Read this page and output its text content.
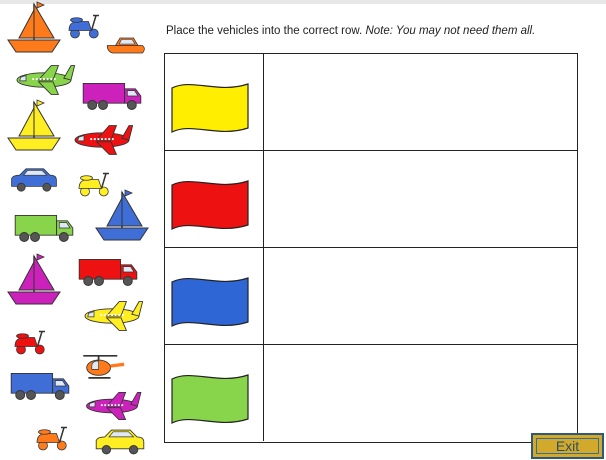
Place the vehicles into the correct row. Note: You may not need them all.

Exit
